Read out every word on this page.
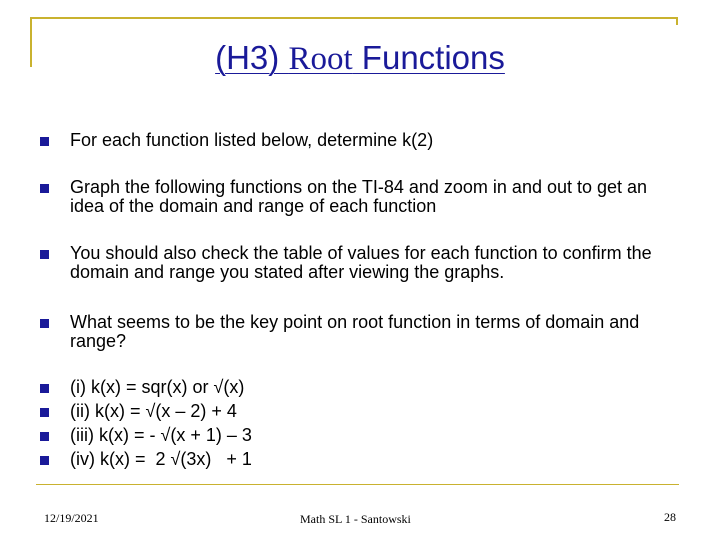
(H3) Root Functions
For each function listed below, determine k(2)
Graph the following functions on the TI-84 and zoom in and out to get an idea of the domain and range of each function
You should also check the table of values for each function to confirm the domain and range you stated after viewing the graphs.
What seems to be the key point on root function in terms of domain and range?
(i) k(x) = sqr(x) or √(x)
(ii) k(x) = √(x – 2) + 4
(iii) k(x) = - √(x + 1) – 3
(iv) k(x) =  2 √(3x)   + 1
12/19/2021	Math SL 1 - Santowski	28
